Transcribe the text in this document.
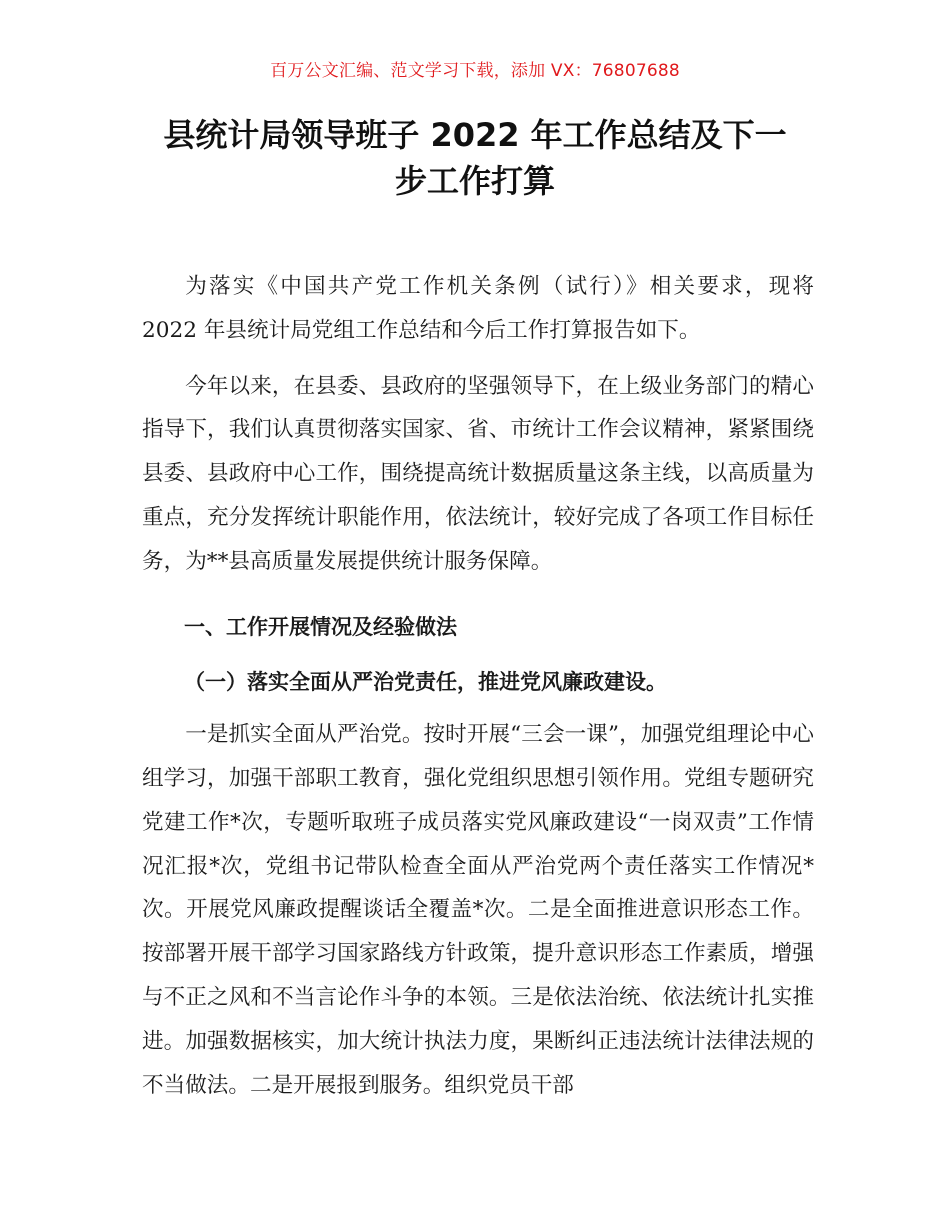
百万公文汇编、范文学习下载，添加 VX：76807688
县统计局领导班子 2022 年工作总结及下一
步工作打算

为落实《中国共产党工作机关条例（试行）》相关要求，现将 2022 年县统计局党组工作总结和今后工作打算报告如下。

今年以来，在县委、县政府的坚强领导下，在上级业务部门的精心指导下，我们认真贯彻落实国家、省、市统计工作会议精神，紧紧围绕县委、县政府中心工作，围绕提高统计数据质量这条主线，以高质量为重点，充分发挥统计职能作用，依法统计，较好完成了各项工作目标任务，为**县高质量发展提供统计服务保障。

一、工作开展情况及经验做法

（一）落实全面从严治党责任，推进党风廉政建设。

一是抓实全面从严治党。按时开展“三会一课”，加强党组理论中心组学习，加强干部职工教育，强化党组织思想引领作用。党组专题研究党建工作*次，专题听取班子成员落实党风廉政建设“一岗双责”工作情况汇报*次，党组书记带队检查全面从严治党两个责任落实工作情况*次。开展党风廉政提醒谈话全覆盖*次。二是全面推进意识形态工作。按部署开展干部学习国家路线方针政策，提升意识形态工作素质，增强与不正之风和不当言论作斗争的本领。三是依法治统、依法统计扎实推进。加强数据核实，加大统计执法力度，果断纠正违法统计法律法规的不当做法。二是开展报到服务。组织党员干部
